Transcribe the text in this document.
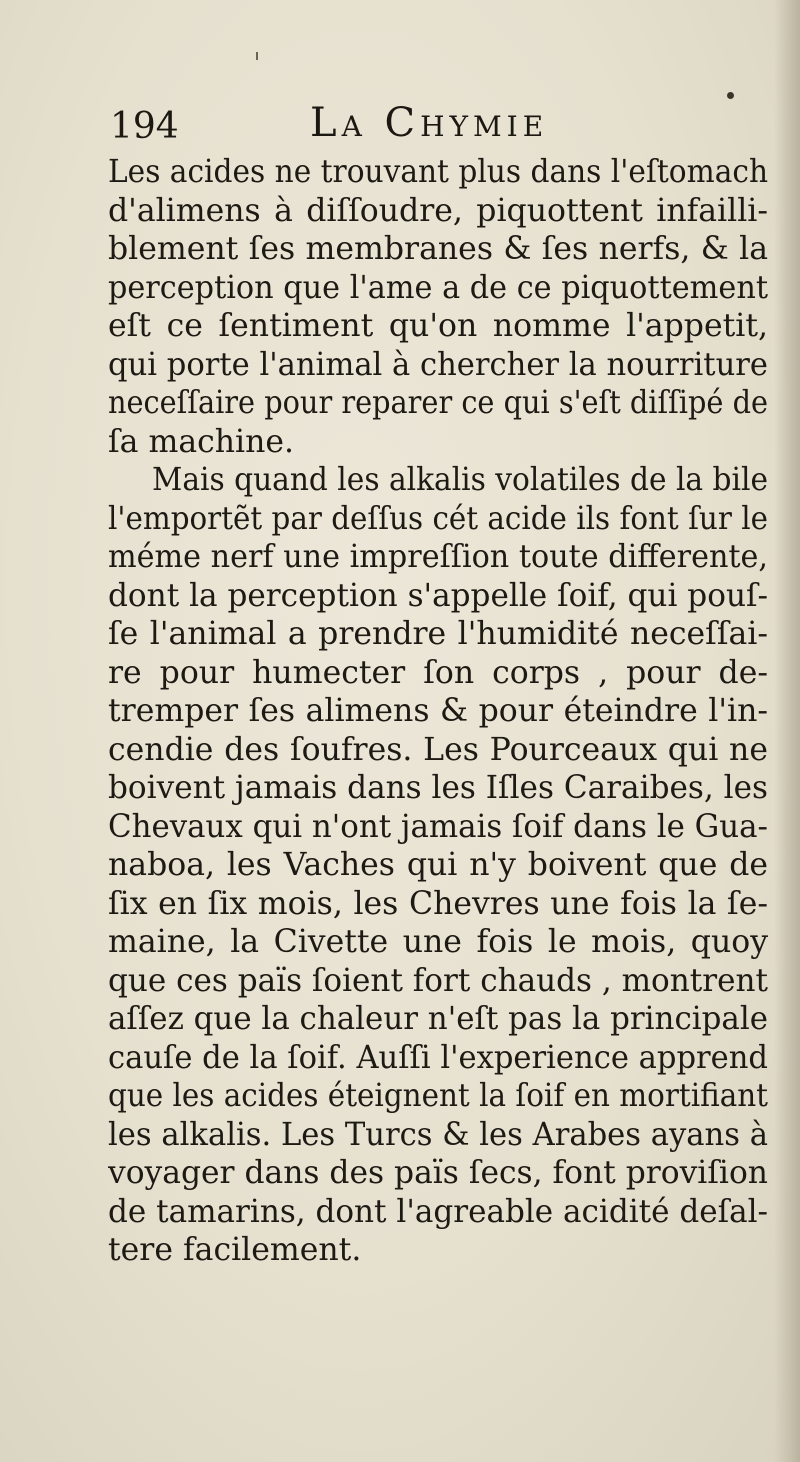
194	La Chymie
Les acides ne trouvant plus dans l'eſtomach
d'alimens à diſſoudre, piquottent infailli-
blement ſes membranes & ſes nerfs, & la
perception que l'ame a de ce piquottement
eſt ce ſentiment qu'on nomme l'appetit,
qui porte l'animal à chercher la nourriture
neceſſaire pour reparer ce qui s'eſt diſſipé de
ſa machine.
Mais quand les alkalis volatiles de la bile
l'emportẽt par deſſus cét acide ils font ſur le
méme nerf une impreſſion toute differente,
dont la perception s'appelle ſoif, qui pouſ-
ſe l'animal a prendre l'humidité neceſſai-
re pour humecter ſon corps , pour de-
tremper ſes alimens & pour éteindre l'in-
cendie des ſoufres. Les Pourceaux qui ne
boivent jamais dans les Iſles Caraibes, les
Chevaux qui n'ont jamais ſoif dans le Gua-
naboa, les Vaches qui n'y boivent que de
ſix en ſix mois, les Chevres une fois la ſe-
maine, la Civette une fois le mois, quoy
que ces païs ſoient fort chauds , montrent
aſſez que la chaleur n'eſt pas la principale
cauſe de la ſoif. Auſſi l'experience apprend
que les acides éteignent la ſoif en mortifiant
les alkalis. Les Turcs & les Arabes ayans à
voyager dans des païs ſecs, font proviſion
de tamarins, dont l'agreable acidité deſal-
tere facilement.
